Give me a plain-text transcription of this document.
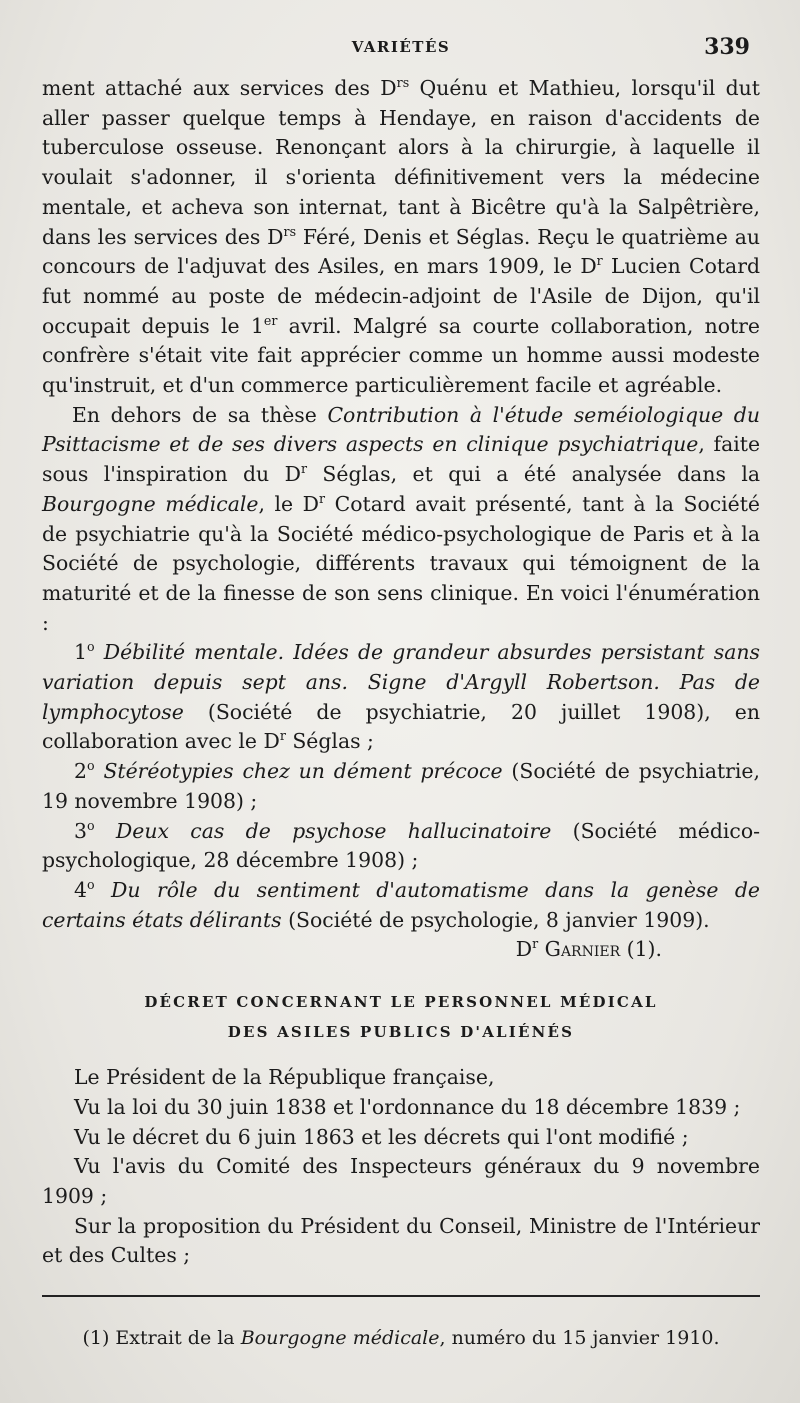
VARIÉTÉS	339

ment attaché aux services des $D^{rs}$ Quénu et Mathieu, lorsqu'il dut aller passer quelque temps à Hendaye, en raison d'accidents de tuberculose osseuse. Renonçant alors à la chirurgie, à laquelle il voulait s'adonner, il s'orienta définitivement vers la médecine mentale, et acheva son internat, tant à Bicêtre qu'à la Salpêtrière, dans les services des $D^{rs}$ Féré, Denis et Séglas. Reçu le quatrième au concours de l'adjuvat des Asiles, en mars 1909, le $D^r$ Lucien Cotard fut nommé au poste de médecin-adjoint de l'Asile de Dijon, qu'il occupait depuis le 1er avril. Malgré sa courte collaboration, notre confrère s'était vite fait apprécier comme un homme aussi modeste qu'instruit, et d'un commerce particulièrement facile et agréable.

En dehors de sa thèse Contribution à l'étude seméiologique du Psittacisme et de ses divers aspects en clinique psychiatrique, faite sous l'inspiration du $D^r$ Séglas, et qui a été analysée dans la Bourgogne médicale, le $D^r$ Cotard avait présenté, tant à la Société de psychiatrie qu'à la Société médico-psychologique de Paris et à la Société de psychologie, différents travaux qui témoignent de la maturité et de la finesse de son sens clinique. En voici l'énumération :

1$^o$ Débilité mentale. Idées de grandeur absurdes persistant sans variation depuis sept ans. Signe d'Argyll Robertson. Pas de lymphocytose (Société de psychiatrie, 20 juillet 1908), en collaboration avec le $D^r$ Séglas ;

2$^o$ Stéréotypies chez un dément précoce (Société de psychiatrie, 19 novembre 1908) ;

3$^o$ Deux cas de psychose hallucinatoire (Société médico-psychologique, 28 décembre 1908) ;

4$^o$ Du rôle du sentiment d'automatisme dans la genèse de certains états délirants (Société de psychologie, 8 janvier 1909).

$D^r$ Garnier (1).

DÉCRET CONCERNANT LE PERSONNEL MÉDICAL
DES ASILES PUBLICS D'ALIÉNÉS

Le Président de la République française,

Vu la loi du 30 juin 1838 et l'ordonnance du 18 décembre 1839 ;

Vu le décret du 6 juin 1863 et les décrets qui l'ont modifié ;

Vu l'avis du Comité des Inspecteurs généraux du 9 novembre 1909 ;

Sur la proposition du Président du Conseil, Ministre de l'Intérieur et des Cultes ;

(1) Extrait de la Bourgogne médicale, numéro du 15 janvier 1910.
